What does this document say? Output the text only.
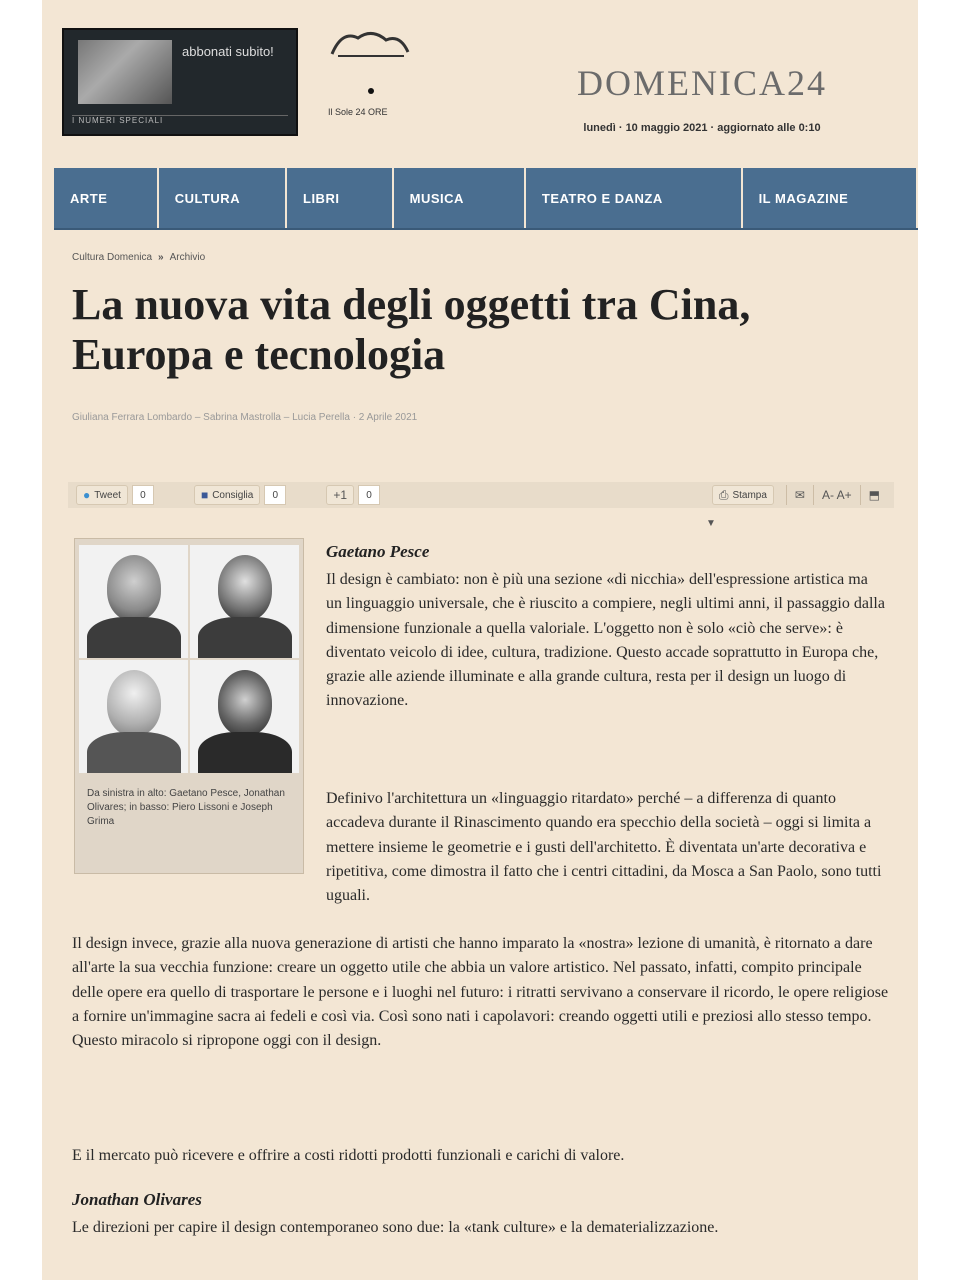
abbonati subito!
I NUMERI SPECIALI
Il Sole 24 ORE
DOMENICA24
lunedì · 10 maggio 2021 · aggiornato alle 0:10
ARTE	CULTURA	LIBRI	MUSICA	TEATRO E DANZA	IL MAGAZINE
Cultura Domenica » Archivio
La nuova vita degli oggetti tra Cina, Europa e tecnologia
Giuliana Ferrara Lombardo – Sabrina Mastrolla – Lucia Perella · 2 Aprile 2021
● Tweet	0	■ Consiglia	0	+1	0	⎙ Stampa ✉ A- A+ ⬒
▼
Da sinistra in alto: Gaetano Pesce, Jonathan Olivares; in basso: Piero Lissoni e Joseph Grima
Gaetano Pesce

Il design è cambiato: non è più una sezione «di nicchia» dell'espressione artistica ma un linguaggio universale, che è riuscito a compiere, negli ultimi anni, il passaggio dalla dimensione funzionale a quella valoriale. L'oggetto non è solo «ciò che serve»: è diventato veicolo di idee, cultura, tradizione. Questo accade soprattutto in Europa che, grazie alle aziende illuminate e alla grande cultura, resta per il design un luogo di innovazione.

Definivo l'architettura un «linguaggio ritardato» perché – a differenza di quanto accadeva durante il Rinascimento quando era specchio della società – oggi si limita a mettere insieme le geometrie e i gusti dell'architetto. È diventata un'arte decorativa e ripetitiva, come dimostra il fatto che i centri cittadini, da Mosca a San Paolo, sono tutti uguali.

Il design invece, grazie alla nuova generazione di artisti che hanno imparato la «nostra» lezione di umanità, è ritornato a dare all'arte la sua vecchia funzione: creare un oggetto utile che abbia un valore artistico. Nel passato, infatti, compito principale delle opere era quello di trasportare le persone e i luoghi nel futuro: i ritratti servivano a conservare il ricordo, le opere religiose a fornire un'immagine sacra ai fedeli e così via. Così sono nati i capolavori: creando oggetti utili e preziosi allo stesso tempo. Questo miracolo si ripropone oggi con il design.

E il mercato può ricevere e offrire a costi ridotti prodotti funzionali e carichi di valore.

Jonathan Olivares

Le direzioni per capire il design contemporaneo sono due: la «tank culture» e la dematerializzazione.
